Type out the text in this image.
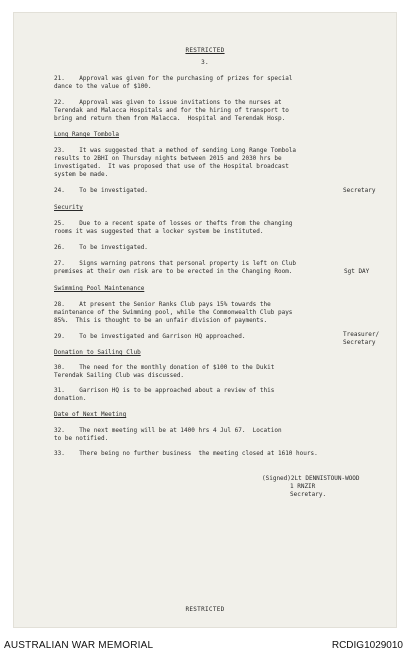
RESTRICTED
3.

21.    Approval was given for the purchasing of prizes for special

dance to the value of $100.

22.    Approval was given to issue invitations to the nurses at

Terendak and Malacca Hospitals and for the hiring of transport to

bring and return them from Malacca.  Hospital and Terendak Hosp.

Long Range Tombola

23.    It was suggested that a method of sending Long Range Tombola

results to 2BHI on Thursday nights between 2015 and 2030 hrs be

investigated.  It was proposed that use of the Hospital broadcast

system be made.

24.    To be investigated.	Secretary

Security

25.    Due to a recent spate of losses or thefts from the changing

rooms it was suggested that a locker system be instituted.

26.    To be investigated.

27.    Signs warning patrons that personal property is left on Club

premises at their own risk are to be erected in the Changing Room.	Sgt DAY

Swimming Pool Maintenance

28.    At present the Senior Ranks Club pays 15% towards the

maintenance of the Swimming pool, while the Commonwealth Club pays

85%.  This is thought to be an unfair division of payments.

29.    To be investigated and Garrison HQ approached.	Treasurer/

Secretary

Donation to Sailing Club

30.    The need for the monthly donation of $100 to the Dukit

Terendak Sailing Club was discussed.

31.    Garrison HQ is to be approached about a review of this

donation.

Date of Next Meeting

32.    The next meeting will be at 1400 hrs 4 Jul 67.  Location

to be notified.

33.    There being no further business  the meeting closed at 1610 hours.

(Signed)2Lt DENNISTOUN-WOOD

1 RNZIR

Secretary.

RESTRICTED
AUSTRALIAN WAR MEMORIAL	RCDIG1029010
